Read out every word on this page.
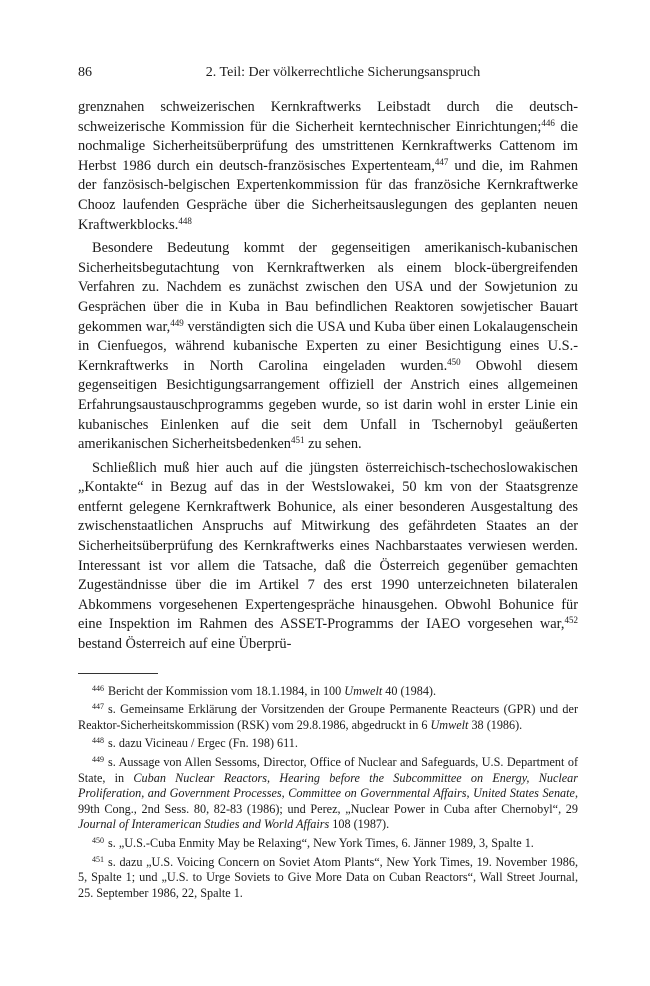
86	2. Teil: Der völkerrechtliche Sicherungsanspruch

grenznahen schweizerischen Kernkraftwerks Leibstadt durch die deutsch-schweizerische Kommission für die Sicherheit kerntechnischer Einrichtungen;$^{446}$ die nochmalige Sicherheitsüberprüfung des umstrittenen Kernkraftwerks Cattenom im Herbst 1986 durch ein deutsch-französisches Expertenteam,$^{447}$ und die, im Rahmen der fanzösisch-belgischen Expertenkommission für das französiche Kernkraftwerke Chooz laufenden Gespräche über die Sicherheitsauslegungen des geplanten neuen Kraftwerkblocks.$^{448}$

Besondere Bedeutung kommt der gegenseitigen amerikanisch-kubanischen Sicherheitsbegutachtung von Kernkraftwerken als einem block-übergreifenden Verfahren zu. Nachdem es zunächst zwischen den USA und der Sowjetunion zu Gesprächen über die in Kuba in Bau befindlichen Reaktoren sowjetischer Bauart gekommen war,$^{449}$ verständigten sich die USA und Kuba über einen Lokalaugenschein in Cienfuegos, während kubanische Experten zu einer Besichtigung eines U.S.-Kernkraftwerks in North Carolina eingeladen wurden.$^{450}$ Obwohl diesem gegenseitigen Besichtigungsarrangement offiziell der Anstrich eines allgemeinen Erfahrungsaustauschprogramms gegeben wurde, so ist darin wohl in erster Linie ein kubanisches Einlenken auf die seit dem Unfall in Tschernobyl geäußerten amerikanischen Sicherheitsbedenken$^{451}$ zu sehen.

Schließlich muß hier auch auf die jüngsten österreichisch-tschechoslowakischen „Kontakte“ in Bezug auf das in der Westslowakei, 50 km von der Staatsgrenze entfernt gelegene Kernkraftwerk Bohunice, als einer besonderen Ausgestaltung des zwischenstaatlichen Anspruchs auf Mitwirkung des gefährdeten Staates an der Sicherheitsüberprüfung des Kernkraftwerks eines Nachbarstaates verwiesen werden. Interessant ist vor allem die Tatsache, daß die Österreich gegenüber gemachten Zugeständnisse über die im Artikel 7 des erst 1990 unterzeichneten bilateralen Abkommens vorgesehenen Expertengespräche hinausgehen. Obwohl Bohunice für eine Inspektion im Rahmen des ASSET-Programms der IAEO vorgesehen war,$^{452}$ bestand Österreich auf eine Überprü-

$^{446}$ Bericht der Kommission vom 18.1.1984, in 100 Umwelt 40 (1984).

$^{447}$ s. Gemeinsame Erklärung der Vorsitzenden der Groupe Permanente Reacteurs (GPR) und der Reaktor-Sicherheitskommission (RSK) vom 29.8.1986, abgedruckt in 6 Umwelt 38 (1986).

$^{448}$ s. dazu Vicineau / Ergec (Fn. 198) 611.

$^{449}$ s. Aussage von Allen Sessoms, Director, Office of Nuclear and Safeguards, U.S. Department of State, in Cuban Nuclear Reactors, Hearing before the Subcommittee on Energy, Nuclear Proliferation, and Government Processes, Committee on Governmental Affairs, United States Senate, 99th Cong., 2nd Sess. 80, 82-83 (1986); und Perez, „Nuclear Power in Cuba after Chernobyl“, 29 Journal of Interamerican Studies and World Affairs 108 (1987).

$^{450}$ s. „U.S.-Cuba Enmity May be Relaxing“, New York Times, 6. Jänner 1989, 3, Spalte 1.

$^{451}$ s. dazu „U.S. Voicing Concern on Soviet Atom Plants“, New York Times, 19. November 1986, 5, Spalte 1; und „U.S. to Urge Soviets to Give More Data on Cuban Reactors“, Wall Street Journal, 25. September 1986, 22, Spalte 1.
